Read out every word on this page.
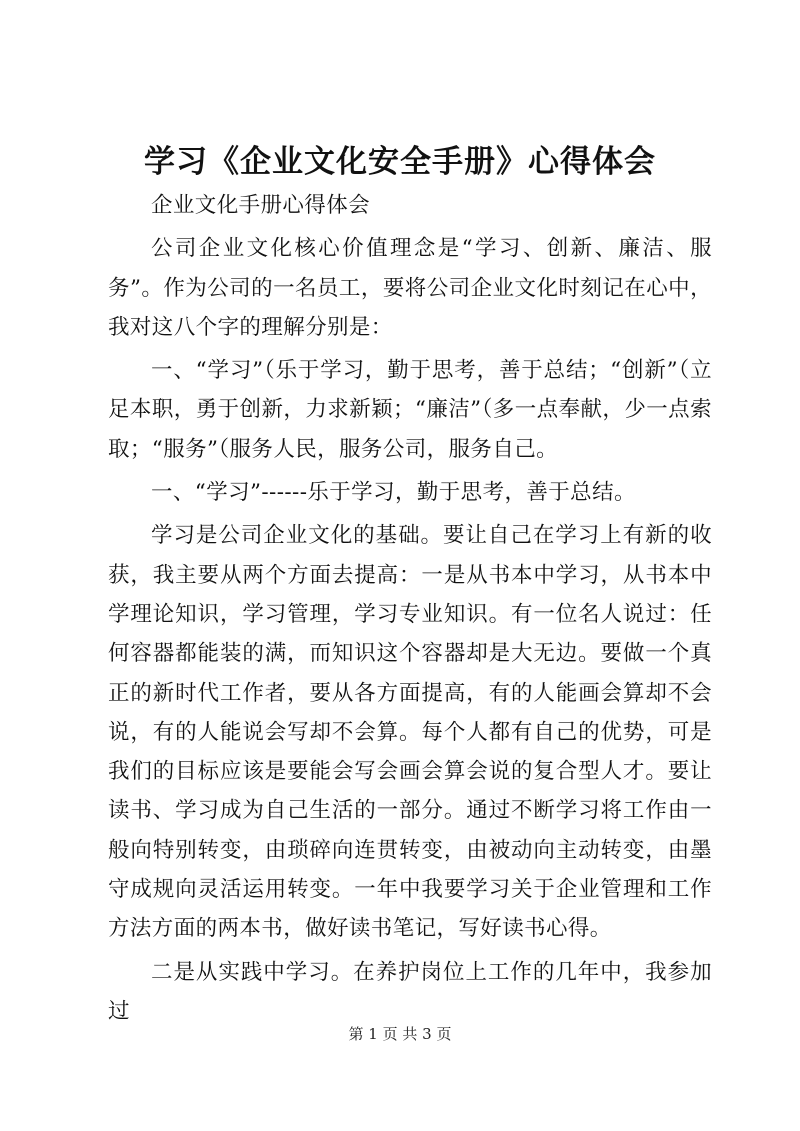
学习《企业文化安全手册》心得体会

企业文化手册心得体会

公司企业文化核心价值理念是“学习、创新、廉洁、服务”。作为公司的一名员工，要将公司企业文化时刻记在心中，我对这八个字的理解分别是：

一、“学习”（乐于学习，勤于思考，善于总结；“创新”（立足本职，勇于创新，力求新颖；“廉洁”（多一点奉献，少一点索取；“服务”（服务人民，服务公司，服务自己。

一、“学习”------乐于学习，勤于思考，善于总结。

学习是公司企业文化的基础。要让自己在学习上有新的收获，我主要从两个方面去提高：一是从书本中学习，从书本中学理论知识，学习管理，学习专业知识。有一位名人说过：任何容器都能装的满，而知识这个容器却是大无边。要做一个真正的新时代工作者，要从各方面提高，有的人能画会算却不会说，有的人能说会写却不会算。每个人都有自己的优势，可是我们的目标应该是要能会写会画会算会说的复合型人才。要让读书、学习成为自己生活的一部分。通过不断学习将工作由一般向特别转变，由琐碎向连贯转变，由被动向主动转变，由墨守成规向灵活运用转变。一年中我要学习关于企业管理和工作方法方面的两本书，做好读书笔记，写好读书心得。

二是从实践中学习。在养护岗位上工作的几年中，我参加过

第 1 页 共 3 页
